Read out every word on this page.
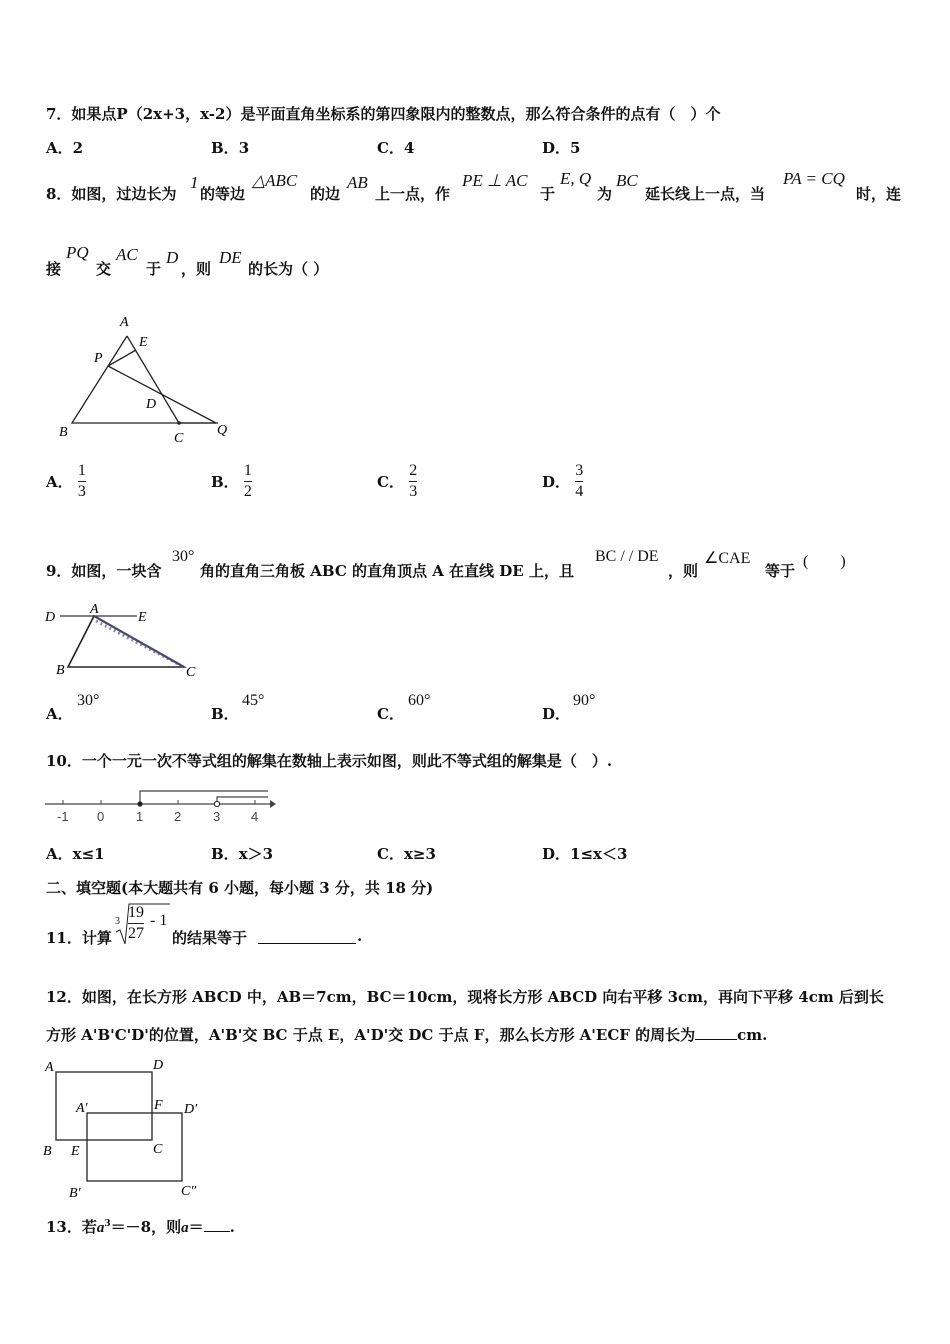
7．如果点P（2x+3，x-2）是平面直角坐标系的第四象限内的整数点，那么符合条件的点有（　）个
A．2	B．3	C．4	D．5
8．如图，过边长为
1
的等边
△ABC
的边
AB
上一点，作
PE ⊥ AC
于
E, Q
为
BC
延长线上一点，当
PA = CQ
时，连
接
PQ
交
AC
于
D
，则
DE
的长为（ ）
A
E
P
D
B	C
Q
A． $\frac{1}{3}$	B． $\frac{1}{2}$	C． $\frac{2}{3}$	D． $\frac{3}{4}$
9．如图，一块含
30°
角的直角三角板 ABC 的直角顶点 A 在直线 DE 上，且
BC / / DE
，则
∠CAE
等于
(　　)
D
A
E
B	C
A．
30°
B．
45°
C．
60°
D．
90°
10．一个一元一次不等式组的解集在数轴上表示如图，则此不等式组的解集是（　）.
-1 0 1 2 3 4
A．x≤1	B．x＞3	C．x≥3	D．1≤x＜3
二、填空题(本大题共有 6 小题，每小题 3 分，共 18 分)
11．计算
$3 \frac{19}{27} - 1$
的结果等于	.
12．如图，在长方形 ABCD 中，AB＝7cm，BC＝10cm，现将长方形 ABCD 向右平移 3cm，再向下平移 4cm 后到长
方形 A'B'C'D'的位置，A'B'交 BC 于点 E，A'D'交 DC 于点 F，那么长方形 A'ECF 的周长为	cm.
A	D
A′	F D′
B E	C
B′	C″
13．若$a^3=-8$，则a＝ .
